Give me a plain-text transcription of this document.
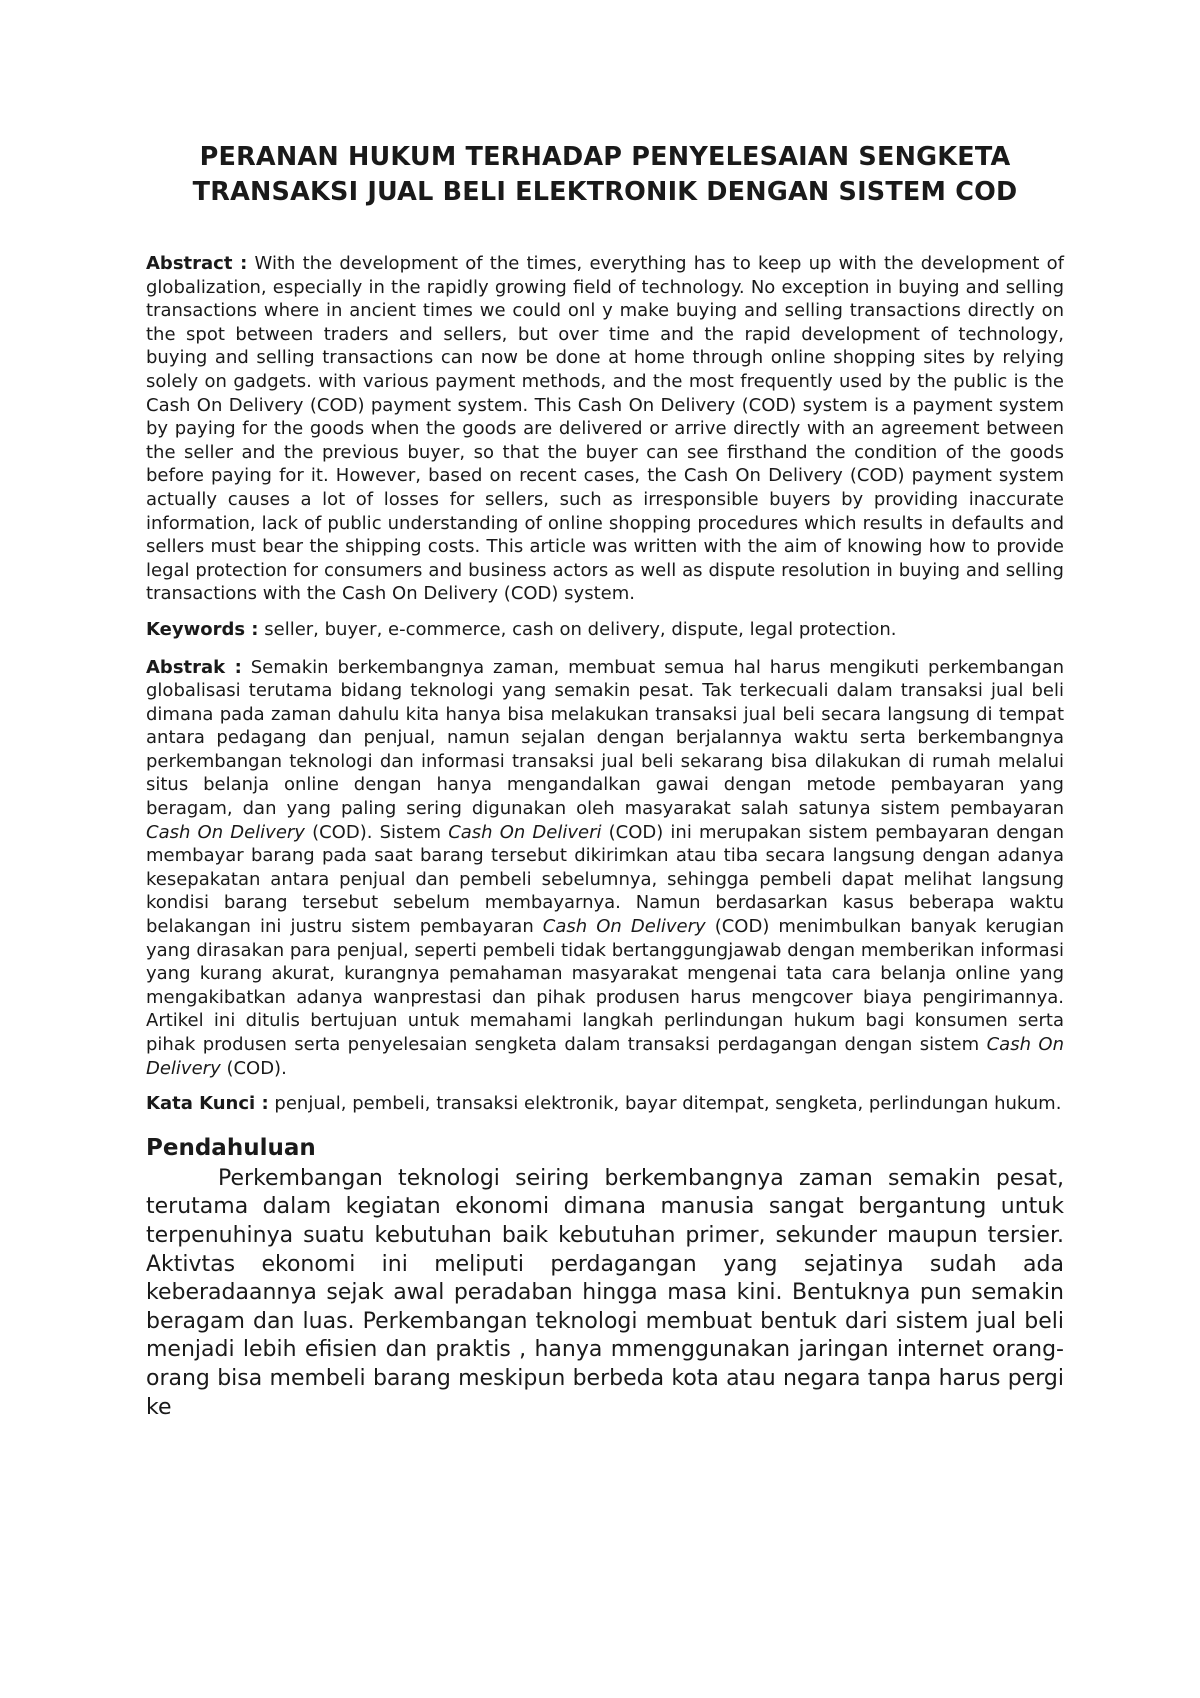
PERANAN HUKUM TERHADAP PENYELESAIAN SENGKETA
TRANSAKSI JUAL BELI ELEKTRONIK DENGAN SISTEM COD

Abstract : With the development of the times, everything has to keep up with the development of globalization, especially in the rapidly growing field of technology. No exception in buying and selling transactions where in ancient times we could onl y make buying and selling transactions directly on the spot between traders and sellers, but over time and the rapid development of technology, buying and selling transactions can now be done at home through online shopping sites by relying solely on gadgets. with various payment methods, and the most frequently used by the public is the Cash On Delivery (COD) payment system. This Cash On Delivery (COD) system is a payment system by paying for the goods when the goods are delivered or arrive directly with an agreement between the seller and the previous buyer, so that the buyer can see firsthand the condition of the goods before paying for it. However, based on recent cases, the Cash On Delivery (COD) payment system actually causes a lot of losses for sellers, such as irresponsible buyers by providing inaccurate information, lack of public understanding of online shopping procedures which results in defaults and sellers must bear the shipping costs. This article was written with the aim of knowing how to provide legal protection for consumers and business actors as well as dispute resolution in buying and selling transactions with the Cash On Delivery (COD) system.

Keywords : seller, buyer, e-commerce, cash on delivery, dispute, legal protection.

Abstrak : Semakin berkembangnya zaman, membuat semua hal harus mengikuti perkembangan globalisasi terutama bidang teknologi yang semakin pesat. Tak terkecuali dalam transaksi jual beli dimana pada zaman dahulu kita hanya bisa melakukan transaksi jual beli secara langsung di tempat antara pedagang dan penjual, namun sejalan dengan berjalannya waktu serta berkembangnya perkembangan teknologi dan informasi transaksi jual beli sekarang bisa dilakukan di rumah melalui situs belanja online dengan hanya mengandalkan gawai dengan metode pembayaran yang beragam, dan yang paling sering digunakan oleh masyarakat salah satunya sistem pembayaran Cash On Delivery (COD). Sistem Cash On Deliveri (COD) ini merupakan sistem pembayaran dengan membayar barang pada saat barang tersebut dikirimkan atau tiba secara langsung dengan adanya kesepakatan antara penjual dan pembeli sebelumnya, sehingga pembeli dapat melihat langsung kondisi barang tersebut sebelum membayarnya. Namun berdasarkan kasus beberapa waktu belakangan ini justru sistem pembayaran Cash On Delivery (COD) menimbulkan banyak kerugian yang dirasakan para penjual, seperti pembeli tidak bertanggungjawab dengan memberikan informasi yang kurang akurat, kurangnya pemahaman masyarakat mengenai tata cara belanja online yang mengakibatkan adanya wanprestasi dan pihak produsen harus mengcover biaya pengirimannya. Artikel ini ditulis bertujuan untuk memahami langkah perlindungan hukum bagi konsumen serta pihak produsen serta penyelesaian sengketa dalam transaksi perdagangan dengan sistem Cash On Delivery (COD).

Kata Kunci : penjual, pembeli, transaksi elektronik, bayar ditempat, sengketa, perlindungan hukum.

Pendahuluan

Perkembangan teknologi seiring berkembangnya zaman semakin pesat, terutama dalam kegiatan ekonomi dimana manusia sangat bergantung untuk terpenuhinya suatu kebutuhan baik kebutuhan primer, sekunder maupun tersier. Aktivtas ekonomi ini meliputi perdagangan yang sejatinya sudah ada keberadaannya sejak awal peradaban hingga masa kini. Bentuknya pun semakin beragam dan luas. Perkembangan teknologi membuat bentuk dari sistem jual beli menjadi lebih efisien dan praktis , hanya mmenggunakan jaringan internet orang-orang bisa membeli barang meskipun berbeda kota atau negara tanpa harus pergi ke
